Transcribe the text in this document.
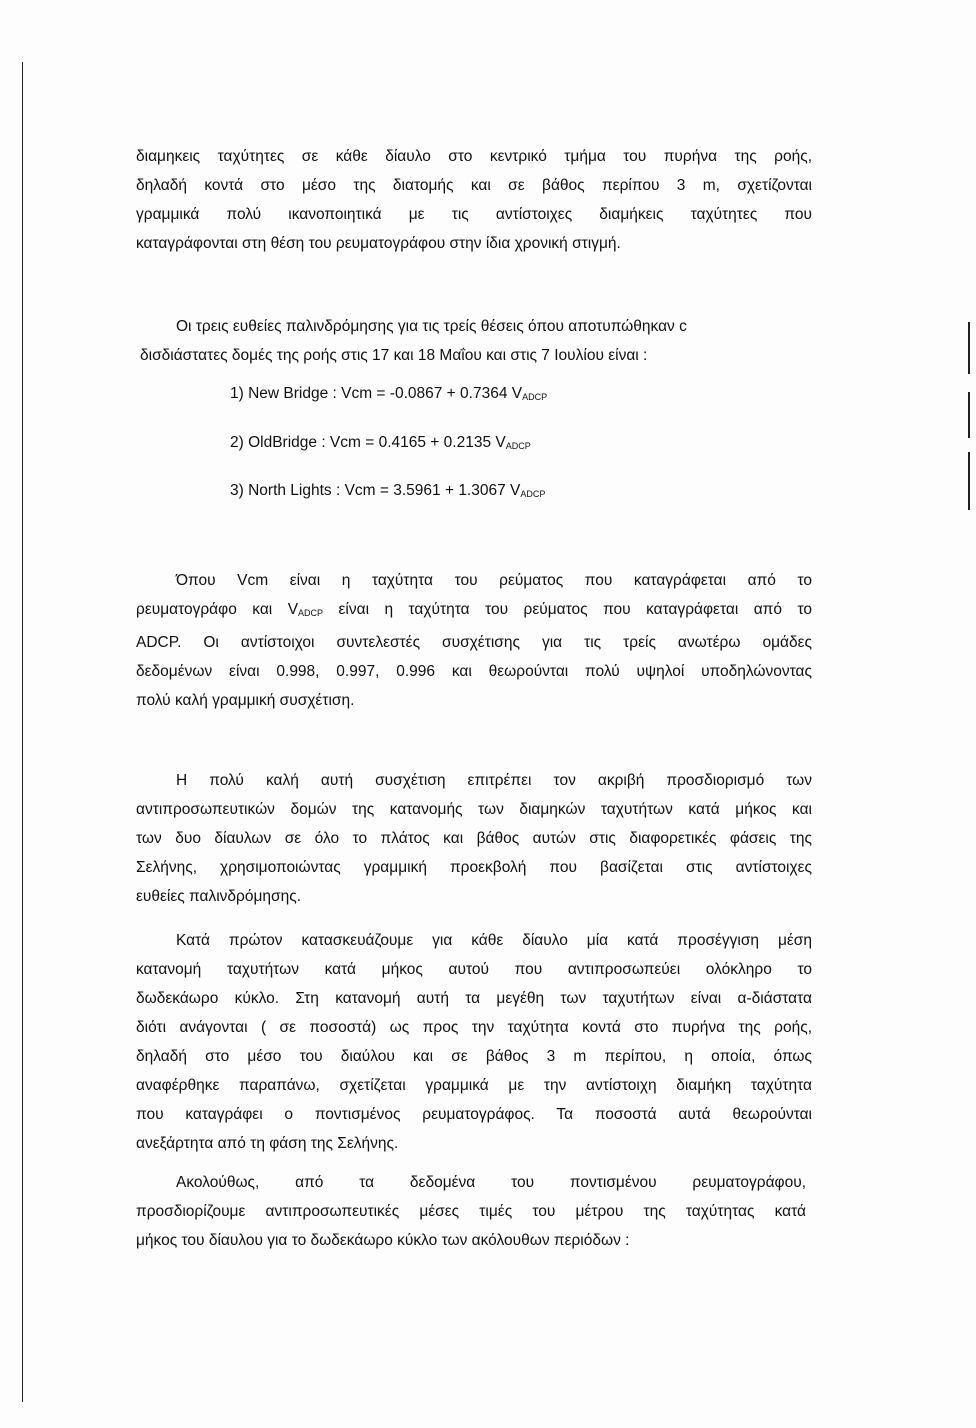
διαμηκεις ταχύτητες σε κάθε δίαυλο στο κεντρικό τμήμα του πυρήνα της ροής,
δηλαδή κοντά στο μέσο της διατομής και σε βάθος περίπου 3 m, σχετίζονται
γραμμικά πολύ ικανοποιητικά με τις αντίστοιχες διαμήκεις ταχύτητες που
καταγράφονται στη θέση του ρευματογράφου στην ίδια χρονική στιγμή.

Οι τρεις ευθείες παλινδρόμησης για τις τρείς θέσεις όπου αποτυπώθηκαν c
δισδιάστατες δομές της ροής στις 17 και 18 Μαΐου και στις 7 Ιουλίου είναι :

1) New Bridge : Vcm = -0.0867 + 0.7364 $V_{ADCP}$

2) OldBridge : Vcm = 0.4165 + 0.2135 $V_{ADCP}$

3) North Lights : Vcm = 3.5961 + 1.3067 $V_{ADCP}$

Όπου Vcm είναι η ταχύτητα του ρεύματος που καταγράφεται από το
ρευματογράφο και $V_{ADCP}$ είναι η ταχύτητα του ρεύματος που καταγράφεται από το
ADCP. Οι αντίστοιχοι συντελεστές συσχέτισης για τις τρείς ανωτέρω ομάδες
δεδομένων είναι 0.998, 0.997, 0.996 και θεωρούνται πολύ υψηλοί υποδηλώνοντας
πολύ καλή γραμμική συσχέτιση.

Η πολύ καλή αυτή συσχέτιση επιτρέπει τον ακριβή προσδιορισμό των
αντιπροσωπευτικών δομών της κατανομής των διαμηκών ταχυτήτων κατά μήκος και
των δυο δίαυλων σε όλο το πλάτος και βάθος αυτών στις διαφορετικές φάσεις της
Σελήνης, χρησιμοποιώντας γραμμική προεκβολή που βασίζεται στις αντίστοιχες
ευθείες παλινδρόμησης.

Κατά πρώτον κατασκευάζουμε για κάθε δίαυλο μία κατά προσέγγιση μέση
κατανομή ταχυτήτων κατά μήκος αυτού που αντιπροσωπεύει ολόκληρο το
δωδεκάωρο κύκλο. Στη κατανομή αυτή τα μεγέθη των ταχυτήτων είναι α-διάστατα
διότι ανάγονται ( σε ποσοστά) ως προς την ταχύτητα κοντά στο πυρήνα της ροής,
δηλαδή στο μέσο του διαύλου και σε βάθος 3 m περίπου, η οποία, όπως
αναφέρθηκε παραπάνω, σχετίζεται γραμμικά με την αντίστοιχη διαμήκη ταχύτητα
που καταγράφει ο ποντισμένος ρευματογράφος. Τα ποσοστά αυτά θεωρούνται
ανεξάρτητα από τη φάση της Σελήνης.

Ακολούθως, από τα δεδομένα του ποντισμένου ρευματογράφου,
προσδιορίζουμε αντιπροσωπευτικές μέσες τιμές του μέτρου της ταχύτητας κατά
μήκος του δίαυλου για το δωδεκάωρο κύκλο των ακόλουθων περιόδων :
